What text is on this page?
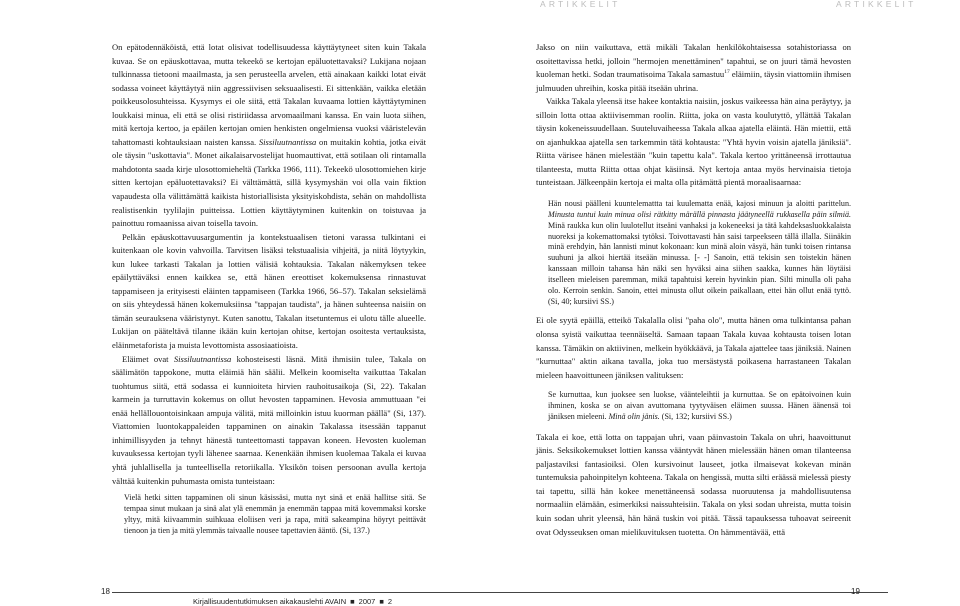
ARTIKKELIT
ARTIKKELIT

On epätodennäköistä, että lotat olisivat todellisuudessa käyttäytyneet siten kuin Takala kuvaa. Se on epäuskottavaa, mutta tekeekö se kertojan epäluotettavaksi? Lukijana nojaan tulkinnassa tietooni maailmasta, ja sen perusteella arvelen, että ainakaan kaikki lotat eivät sodassa voineet käyttäytyä niin aggressiivisen seksuaalisesti. Ei sittenkään, vaikka eletään poikkeusolosuhteissa. Kysymys ei ole siitä, että Takalan kuvaama lottien käyttäytyminen loukkaisi minua, eli että se olisi ristiriidassa arvomaailmani kanssa. En vain luota siihen, mitä kertoja kertoo, ja epäilen kertojan omien henkisten ongelmiensa vuoksi vääristelevän tahattomasti kohtauksiaan naisten kanssa. Sissiluutnantissa on muitakin kohtia, jotka eivät ole täysin "uskottavia". Monet aikalaisarvostelijat huomauttivat, että sotilaan oli rintamalla mahdotonta saada kirje ulosottomieheltä (Tarkka 1966, 111). Tekeekö ulosottomiehen kirje sitten kertojan epäluotettavaksi? Ei välttämättä, sillä kysymyshän voi olla vain fiktion vapaudesta olla välittämättä kaikista historiallisista yksityiskohdista, sehän on mahdollista realistisenkin tyylilajin puitteissa. Lottien käyttäytyminen kuitenkin on toistuvaa ja painottuu romaanissa aivan toisella tavoin.

Pelkän epäuskottavuusargumentin ja kontekstuaalisen tietoni varassa tulkintani ei kuitenkaan ole kovin vahvoilla. Tarvitsen lisäksi tekstuaalisia vihjeitä, ja niitä löytyykin, kun lukee tarkasti Takalan ja lottien välisiä kohtauksia. Takalan näkemyksen tekee epäilyttäväksi ennen kaikkea se, että hänen ereottiset kokemuksensa rinnastuvat tappamiseen ja erityisesti eläinten tappamiseen (Tarkka 1966, 56–57). Takalan seksielämä on siis yhteydessä hänen kokemuksiinsa "tappajan taudista", ja hänen suhteensa naisiin on tämän seurauksena vääristynyt. Kuten sanottu, Takalan itsetuntemus ei ulotu tälle alueelle. Lukijan on pääteltävä tilanne ikään kuin kertojan ohitse, kertojan osoitesta vertauksista, eläinmetaforista ja muista levottomista assosiaatioista.

Eläimet ovat Sissiluutnantissa kohosteisesti läsnä. Mitä ihmisiin tulee, Takala on säälimätön tappokone, mutta eläimiä hän säälii. Melkein koomiselta vaikuttaa Takalan tuohtumus siitä, että sodassa ei kunnioiteta hirvien rauhoitusaikoja (Si, 22). Takalan karmein ja turruttavin kokemus on ollut hevosten tappaminen. Hevosia ammuttuaan "ei enää hellällouontoisinkaan ampuja välitä, mitä milloinkin istuu kuorman päällä" (Si, 137). Viattomien luontokappaleiden tappaminen on ainakin Takalassa itsessään tappanut inhimillisyyden ja tehnyt hänestä tunteettomasti tappavan koneen. Hevosten kuoleman kuvauksessa kertojan tyyli lähenee saarnaa. Kenenkään ihmisen kuolemaa Takala ei kuvaa yhtä juhlallisella ja tunteellisella retoriikalla. Yksikön toisen persoonan avulla kertoja välttää kuitenkin puhumasta omista tunteistaan:

Vielä hetki sitten tappaminen oli sinun käsissäsi, mutta nyt sinä et enää hallitse sitä. Se tempaa sinut mukaan ja sinä alat ylä enemmän ja enemmän tappaa mitä kovemmaksi korske yltyy, mitä kiivaammin suihkuaa eloliisen veri ja rapa, mitä sakeampina höyryt peittävät tienoon ja tien ja mitä ylemmäs taivaalle nousee tapettavien ääntö. (Si, 137.)

Jakso on niin vaikuttava, että mikäli Takalan henkilökohtaisessa sotahistoriassa on osoitettavissa hetki, jolloin "hermojen menettäminen" tapahtui, se on juuri tämä hevosten kuoleman hetki. Sodan traumatisoima Takala samastuu$^{17}$ eläimiin, täysin viattomiin ihmisen julmuuden uhreihin, koska pitää itseään uhrina.

Vaikka Takala yleensä itse hakee kontaktia naisiin, joskus vaikeessa hän aina peräytyy, ja silloin lotta ottaa aktiivisemman roolin. Riitta, joka on vasta koulutyttö, yllättää Takalan täysin kokeneissuudellaan. Suuteluvaiheessa Takala alkaa ajatella eläintä. Hän miettii, että on ajanhukkaa ajatella sen tarkemmin tätä kohtausta: "Yhtä hyvin voisin ajatella jäniksiä". Riitta värisee hänen mielestään "kuin tapettu kala". Takala kertoo yrittäneensä irrottautua tilanteesta, mutta Riitta ottaa ohjat käsiinsä. Nyt kertoja antaa myös hervinaisia tietoja tunteistaan. Jälkeenpäin kertoja ei malta olla pitämättä pientä moraalisaarnaa:

Hän nousi päälleni kuuntelemattta tai kuulematta enää, kajosi minuun ja aloitti parittelun. Minusta tuntui kuin minua olisi rätkitty märällä pinnasta jäätyneellä rukkasella päin silmiä. Minä raukka kun olin luulotellut itseäni vanhaksi ja kokeneeksi ja tätä kahdeksasluokkalaista nuoreksi ja kokemattomaksi tytöksi. Toivottavasti hän saisi tarpeekseen tällä illalla. Siinäkin minä erehdyin, hän lannisti minut kokonaan: kun minä aloin väsyä, hän tunki toisen rintansa suuhuni ja alkoi hiertää itseään minussa. [- -] Sanoin, että tekisin sen toistekin hänen kanssaan milloin tahansa hän näki sen hyväksi aina siihen saakka, kunnes hän löytäisi itselleen mieleisen paremman, mikä tapahtuisi kerein hyvinkin pian. Silti minulla oli paha olo. Kerroin senkin. Sanoin, ettei minusta ollut oikein paikallaan, ettei hän ollut enää tyttö. (Si, 40; kursiivi SS.)

Ei ole syytä epäillä, etteikö Takalalla olisi "paha olo", mutta hänen oma tulkintansa pahan olonsa syistä vaikuttaa teennäiseltä. Samaan tapaan Takala kuvaa kohtausta toisen lotan kanssa. Tämäkin on aktiivinen, melkein hyökkäävä, ja Takala ajattelee taas jäniksiä. Nainen "kurnuttaa" aktin aikana tavalla, joka tuo mersästystä poikasena harrastaneen Takalan mieleen haavoittuneen jäniksen valituksen:

Se kurnuttaa, kun juoksee sen luokse, väänteleihtii ja kurnuttaa. Se on epätoivoinen kuin ihminen, koska se on aivan avuttomana tyytyväisen eläimen suussa. Hänen äänensä toi jäniksen mieleeni. Minä olin jänis. (Si, 132; kursiivi SS.)

Takala ei koe, että lotta on tappajan uhri, vaan päinvastoin Takala on uhri, haavoittunut jänis. Seksikokemukset lottien kanssa vääntyvät hänen mielessään hänen oman tilanteensa paljastaviksi fantasioiksi. Olen kursivoinut lauseet, jotka ilmaisevat kokevan minän tuntemuksia pahoinpitelyn kohteena. Takala on hengissä, mutta silti eräässä mielessä piesty tai tapettu, sillä hän kokee menettäneensä sodassa nuoruutensa ja mahdollisuutensa normaaliin elämään, esimerkiksi naissuhteisiin. Takala on yksi sodan uhreista, mutta toisin kuin sodan uhrit yleensä, hän hänä tuskin voi pitää. Tässä tapauksessa tuhoavat seireenit ovat Odysseuksen oman mielikuvituksen tuotetta. On hämmentävää, että

18	19
Kirjallisuudentutkimuksen aikakauslehti AVAIN ■ 2007 ■ 2
